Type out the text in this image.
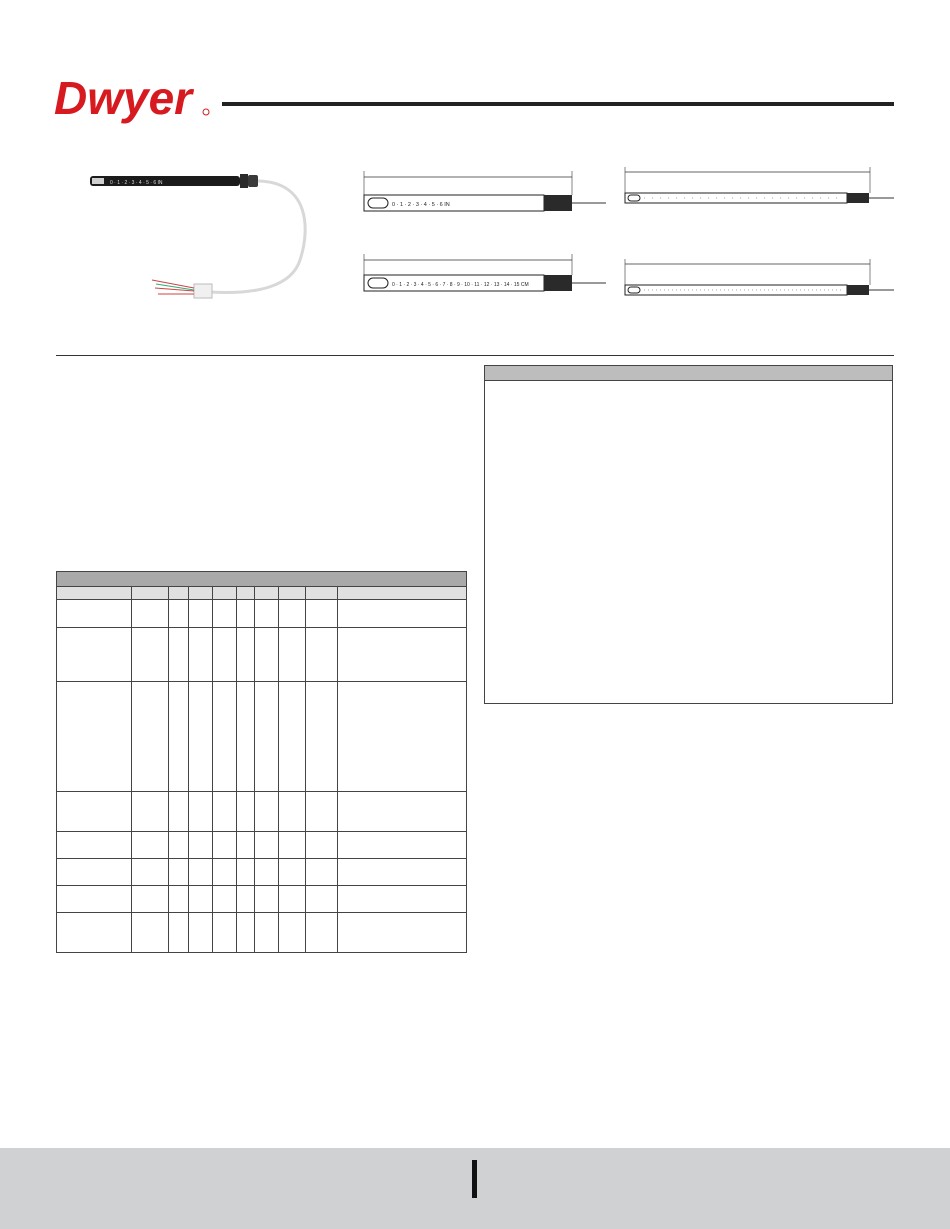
Dwyer
0 · 1 · 2 · 3 · 4 · 5 · 6 IN
0 · 1 · 2 · 3 · 4 · 5 · 6 IN
0 · 1 · 2 · 3 · 4 · 5 · 6 · 7 · 8 · 9 · 10 · 11 · 12 · 13 · 14 · 15 CM
